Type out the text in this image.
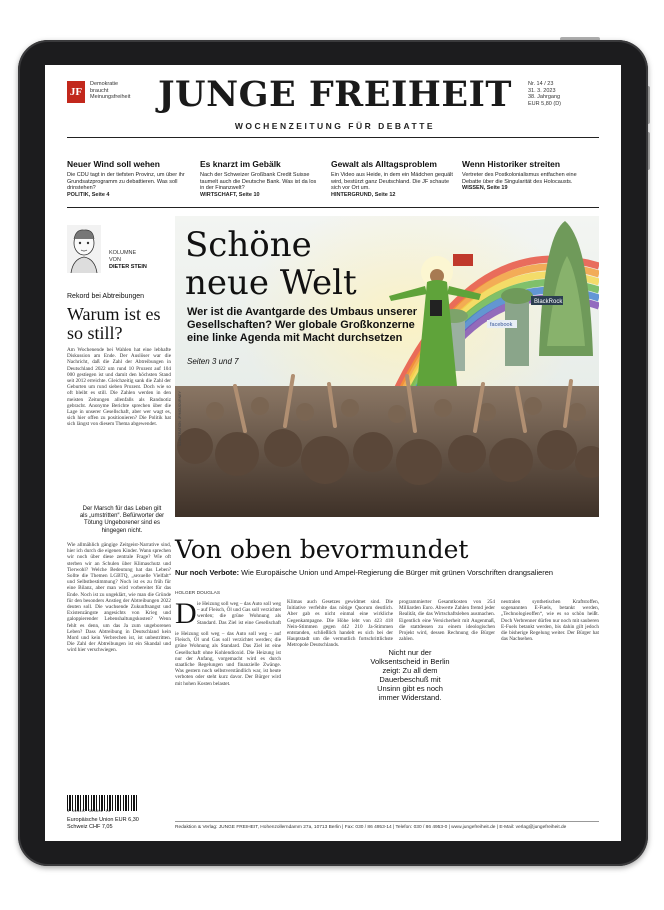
JF
Demokratie
braucht
Meinungsfreiheit JUNGE FREIHEIT
WOCHENZEITUNG FÜR DEBATTE
Nr. 14 / 23
31. 3. 2023
38. Jahrgang
EUR 5,80 (D)
Neuer Wind soll wehen

Die CDU tagt in der tiefsten Provinz, um über ihr Grundsatzprogramm zu debattieren. Was soll drinstehen?

POLITIK, Seite 4

Es knarzt im Gebälk

Nach der Schweizer Großbank Credit Suisse taumelt auch die Deutsche Bank. Was ist da los in der Finanzwelt?

WIRTSCHAFT, Seite 10

Gewalt als Alltagsproblem

Ein Video aus Heide, in dem ein Mädchen gequält wird, bestürzt ganz Deutschland. Die JF schaute sich vor Ort um.

HINTERGRUND, Seite 12

Wenn Historiker streiten

Vertreter des Postkolonialismus entfachen eine Debatte über die Singularität des Holocausts.

WISSEN, Seite 19

KOLUMNE
VON
DIETER STEIN
Rekord bei Abtreibungen
Warum ist es so still?
Am Wochenende bei Wahlen hat eine lebhafte Diskussion am Ende. Der Auslöser war die Nachricht, daß die Zahl der Abtreibungen in Deutschland 2022 um rund 10 Prozent auf 104 000 gestiegen ist und damit den höchsten Stand seit 2012 erreichte. Gleichzeitig sank die Zahl der Geburten um rund sieben Prozent. Doch wie so oft bleibt es still. Die Zahlen werden in den meisten Zeitungen allenfalls als Randnotiz gebracht. Anonyme Berichte sprechen über die Lage in unserer Gesellschaft, aber wer wagt es, sich hier offen zu positionieren? Die Politik hat sich längst von diesem Thema abgewendet.
Der Marsch für das Leben gilt als „umstritten“. Befürworter der Tötung Ungeborener sind es hingegen nicht.
Wie allmählich gängige Zeitgeist-Narrative sind, hier ich durch die eigenen Kinder. Wann sprechen wir noch über diese zentrale Frage? Wie oft sterben wir an Schulen über Klimaschutz und Tierwohl? Welche Bedeutung hat das Leben? Sollte die Themen LGBTQ, „sexuelle Vielfalt“ und Selbstbestimmung? Noch ist es zu früh für eine Bilanz, aber man wird vorbereitet für das Ende. Noch ist zu ungeklärt, wie man die Gründe für den besonders Anstieg der Abtreibungen 2022 deuten soll. Die wachsende Zukunftsangst und Existenzängste angesichts von Krieg und galoppierender Lebenshaltungskosten? Wenn fehlt es denn, um das Ja zum ungeborenen Leben? Dass Abtreibung in Deutschland kein Mord und kein Verbrechen ist, ist unbestritten. Die Zahl der Abtreibungen ist ein Skandal und wird hier verschwiegen.
4 194147 305802 14
Europäische Union EUR 6,30
Schweiz CHF 7,05
BlackRock
facebook
Schöne
neue Welt
Wer ist die Avantgarde des Umbaus unserer Gesellschaften? Wer globale Großkonzerne eine linke Agenda mit Macht durchsetzen
Seiten 3 und 7
ILLUSTRATION: JF/MIDJOURNEY
Von oben bevormundet
Nur noch Verbote: Wie Europäische Union und Ampel-Regierung die Bürger mit grünen Vorschriften drangsalieren
HOLGER DOUGLAS
D ie Heizung soll weg – das Auto soll weg – auf Fleisch, Öl und Gas soll verzichtet werden; die grüne Wohnung als Standard. Das Ziel ist eine Gesellschaft
ie Heizung soll weg – das Auto soll weg – auf Fleisch, Öl und Gas soll verzichtet werden; die grüne Wohnung als Standard. Das Ziel ist eine Gesellschaft ohne Kohlendioxid. Die Heizung ist nur der Anfang, vorgemacht wird es durch staatliche Regelungen und finanzielle Zwänge. Was gestern noch selbstverständlich war, ist heute verboten oder steht kurz davor. Der Bürger wird mit hohen Kosten belastet.
Klimas auch Gesetzes gewidmet sind. Die Initiative verfehlte das nötige Quorum deutlich. Aber gab es nicht einmal eine wirkliche Gegenkampagne. Die Höhe lebt von 423 418 Nein-Stimmen gegen 442 210 Ja-Stimmen entstanden, schließlich handelt es sich bei der Hauptstadt um die vermutlich fortschrittlichste Metropole Deutschlands.
Nicht nur der Volksentscheid in Berlin zeigt: Zu all dem Dauerbeschuß mit Unsinn gibt es noch immer Widerstand.
programmierter Gesamtkosten von 254 Milliarden Euro. Abwerte Zahlen fremd jeder Realität, die das Wirtschaftsleben ausmachen. Eigentlich eine Versicherheit mit Augenmaß, die stattdessen zu einem ideologischen Projekt wird, dessen Rechnung die Bürger zahlen.
neutralen synthetischen Kraftstoffen, sogenannten E-Fuels, betankt werden, „Technologieoffen“, wie es so schön heißt. Doch Verbrenner dürfen nur noch mit sauberen E-Fuels betankt werden, bis dahin gilt jedoch die bisherige Regelung weiter. Der Bürger hat das Nachsehen.
Redaktion & Verlag: JUNGE FREIHEIT, Hohenzollerndamm 27a, 10713 Berlin | Fax: 030 / 86 4953-14 | Telefon: 030 / 86 4953-0 | www.jungefreiheit.de | E-Mail: verlag@jungefreiheit.de
